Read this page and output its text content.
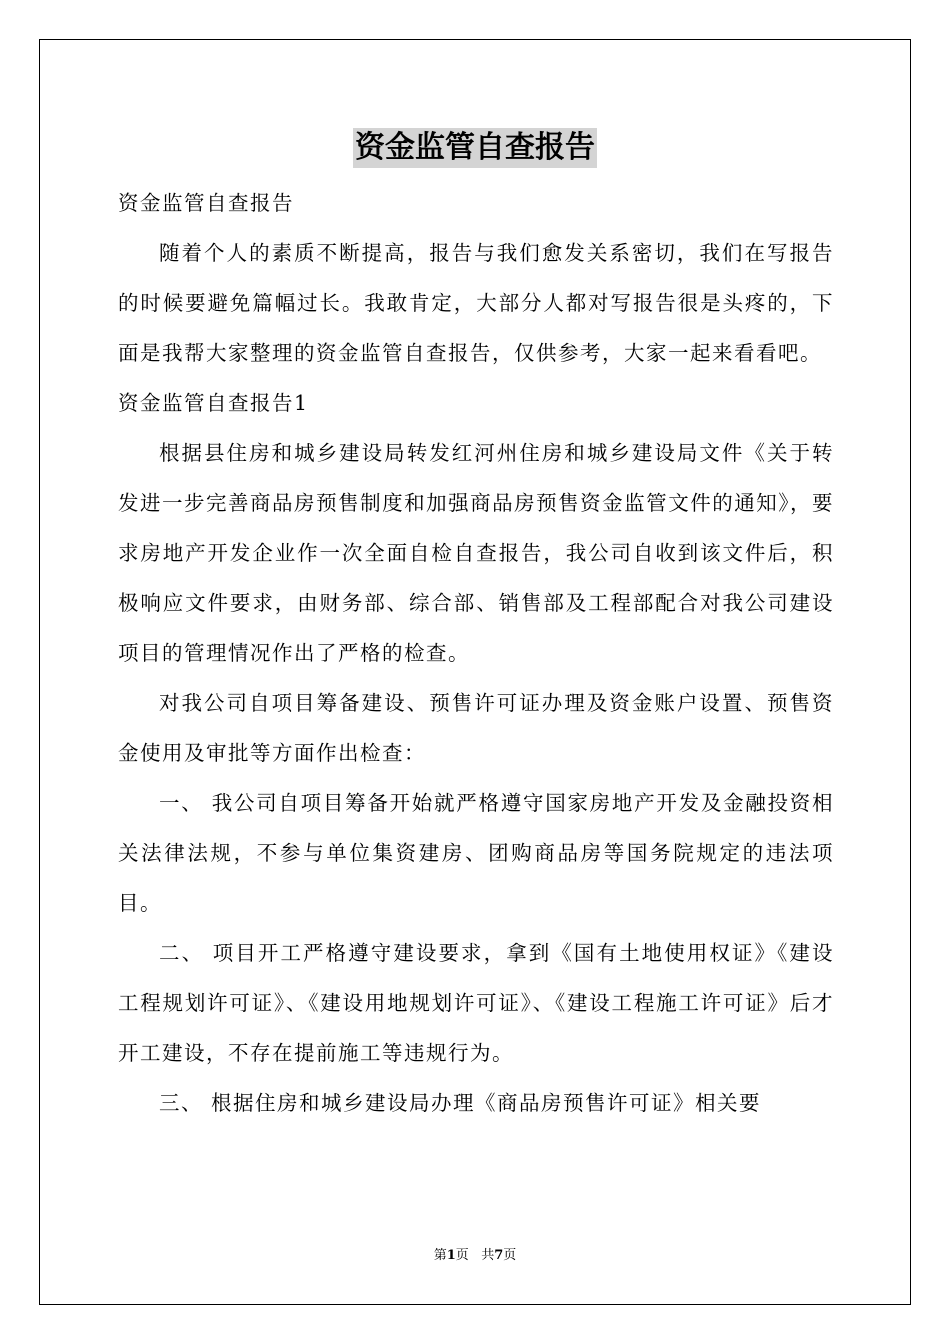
资金监管自查报告

资金监管自查报告

随着个人的素质不断提高，报告与我们愈发关系密切，我们在写报告的时候要避免篇幅过长。我敢肯定，大部分人都对写报告很是头疼的，下面是我帮大家整理的资金监管自查报告，仅供参考，大家一起来看看吧。

资金监管自查报告1

根据县住房和城乡建设局转发红河州住房和城乡建设局文件《关于转发进一步完善商品房预售制度和加强商品房预售资金监管文件的通知》，要求房地产开发企业作一次全面自检自查报告，我公司自收到该文件后，积极响应文件要求，由财务部、综合部、销售部及工程部配合对我公司建设项目的管理情况作出了严格的检查。

对我公司自项目筹备建设、预售许可证办理及资金账户设置、预售资金使用及审批等方面作出检查：

一、 我公司自项目筹备开始就严格遵守国家房地产开发及金融投资相关法律法规，不参与单位集资建房、团购商品房等国务院规定的违法项目。

二、 项目开工严格遵守建设要求，拿到《国有土地使用权证》《建设工程规划许可证》、《建设用地规划许可证》、《建设工程施工许可证》后才开工建设，不存在提前施工等违规行为。

三、 根据住房和城乡建设局办理《商品房预售许可证》相关要

第1页 共7页
